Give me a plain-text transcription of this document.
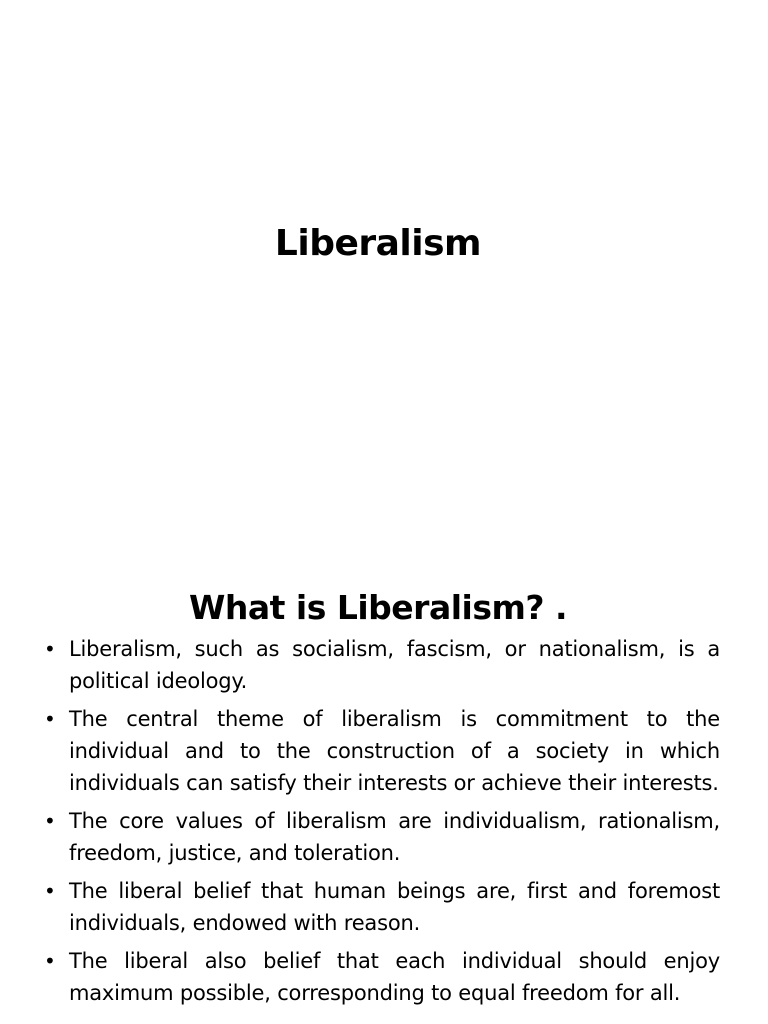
Liberalism
What is Liberalism? .
• Liberalism, such as socialism, fascism, or nationalism, is a political ideology.
• The central theme of liberalism is commitment to the individual and to the construction of a society in which individuals can satisfy their interests or achieve their interests.
• The core values of liberalism are individualism, rationalism, freedom, justice, and toleration.
• The liberal belief that human beings are, first and foremost individuals, endowed with reason.
• The liberal also belief that each individual should enjoy maximum possible, corresponding to equal freedom for all.
